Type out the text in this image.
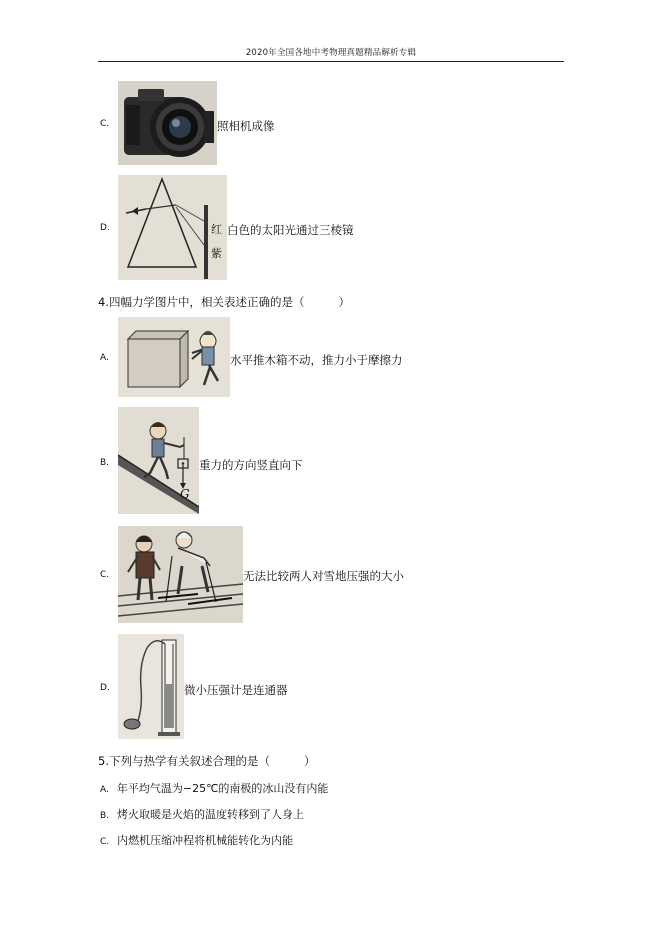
2020年全国各地中考物理真题精品解析专辑
C.	照相机成像
D.	红
紫
白色的太阳光通过三棱镜
4.四幅力学图片中，相关表述正确的是（	）
A.	水平推木箱不动，推力小于摩擦力
B.
G
重力的方向竖直向下
C.	无法比较两人对雪地压强的大小
D.	微小压强计是连通器
5.下列与热学有关叙述合理的是（	）
A. 年平均气温为−25℃的南极的冰山没有内能
B. 烤火取暖是火焰的温度转移到了人身上
C. 内燃机压缩冲程将机械能转化为内能
